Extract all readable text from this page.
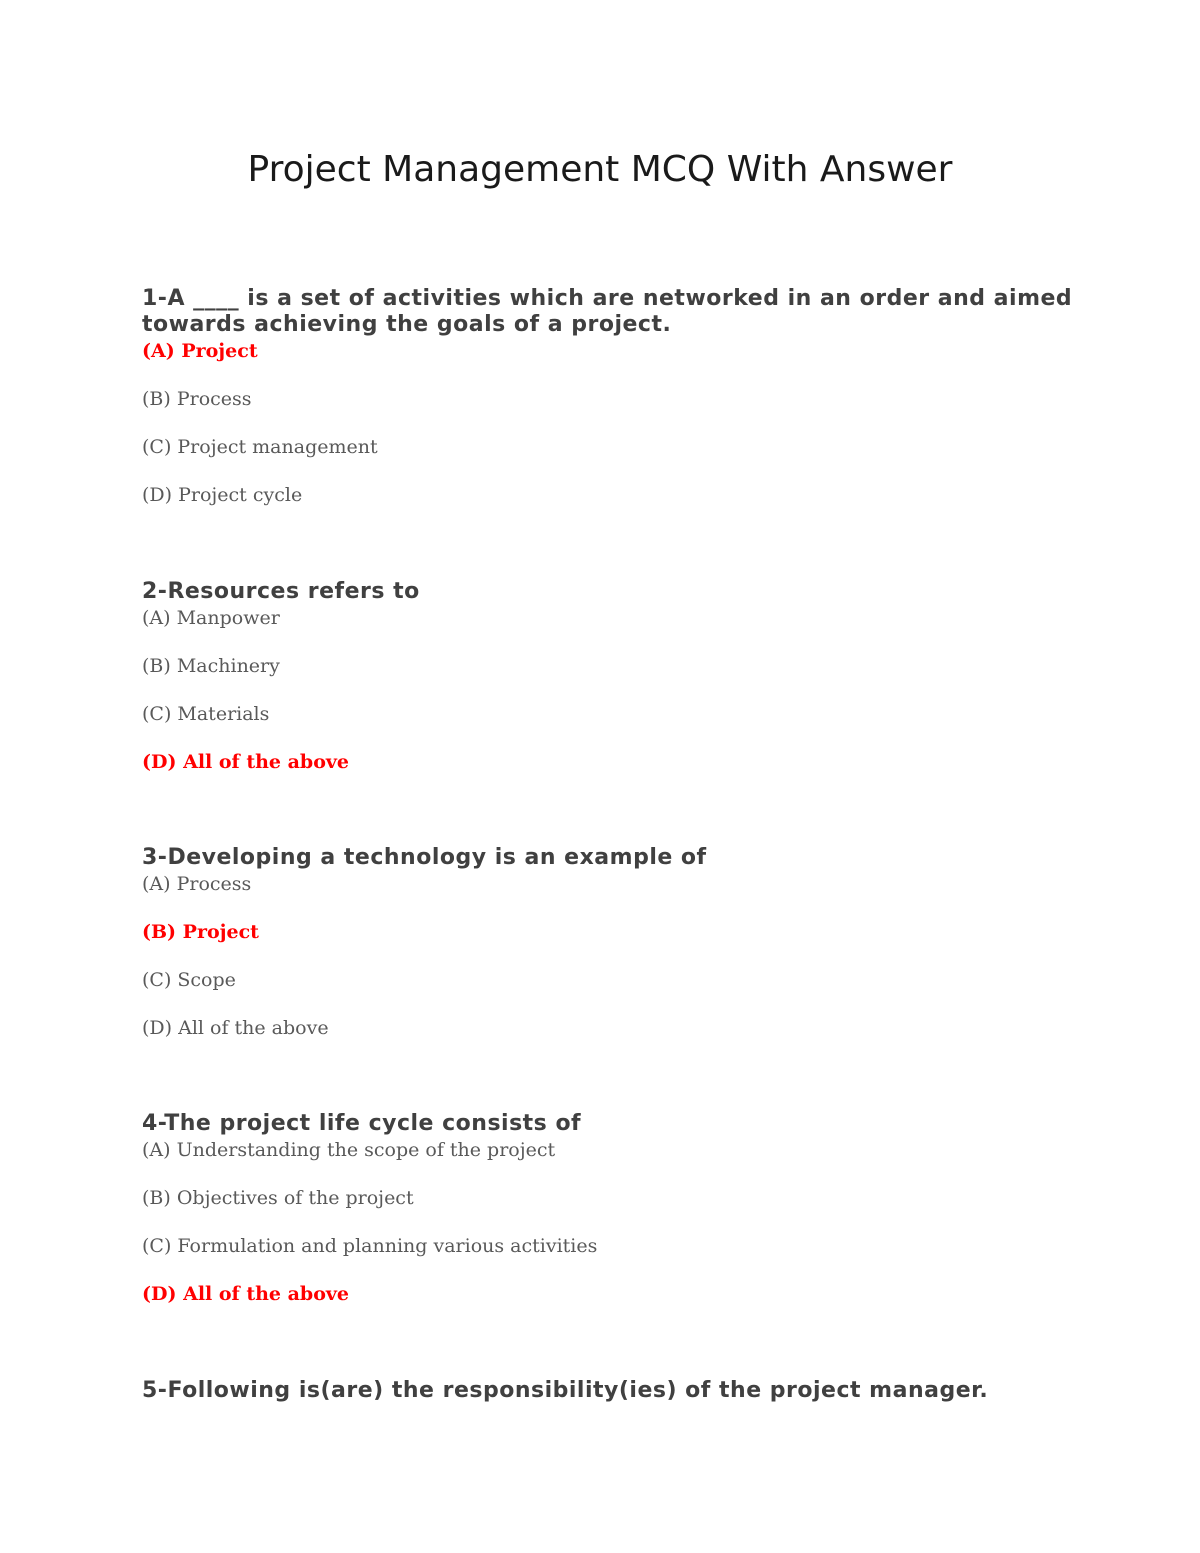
Project Management MCQ With Answer

1-A ____ is a set of activities which are networked in an order and aimed towards achieving the goals of a project.

(A) Project

(B) Process

(C) Project management

(D) Project cycle

2-Resources refers to

(A) Manpower

(B) Machinery

(C) Materials

(D) All of the above

3-Developing a technology is an example of

(A) Process

(B) Project

(C) Scope

(D) All of the above

4-The project life cycle consists of

(A) Understanding the scope of the project

(B) Objectives of the project

(C) Formulation and planning various activities

(D) All of the above

5-Following is(are) the responsibility(ies) of the project manager.
